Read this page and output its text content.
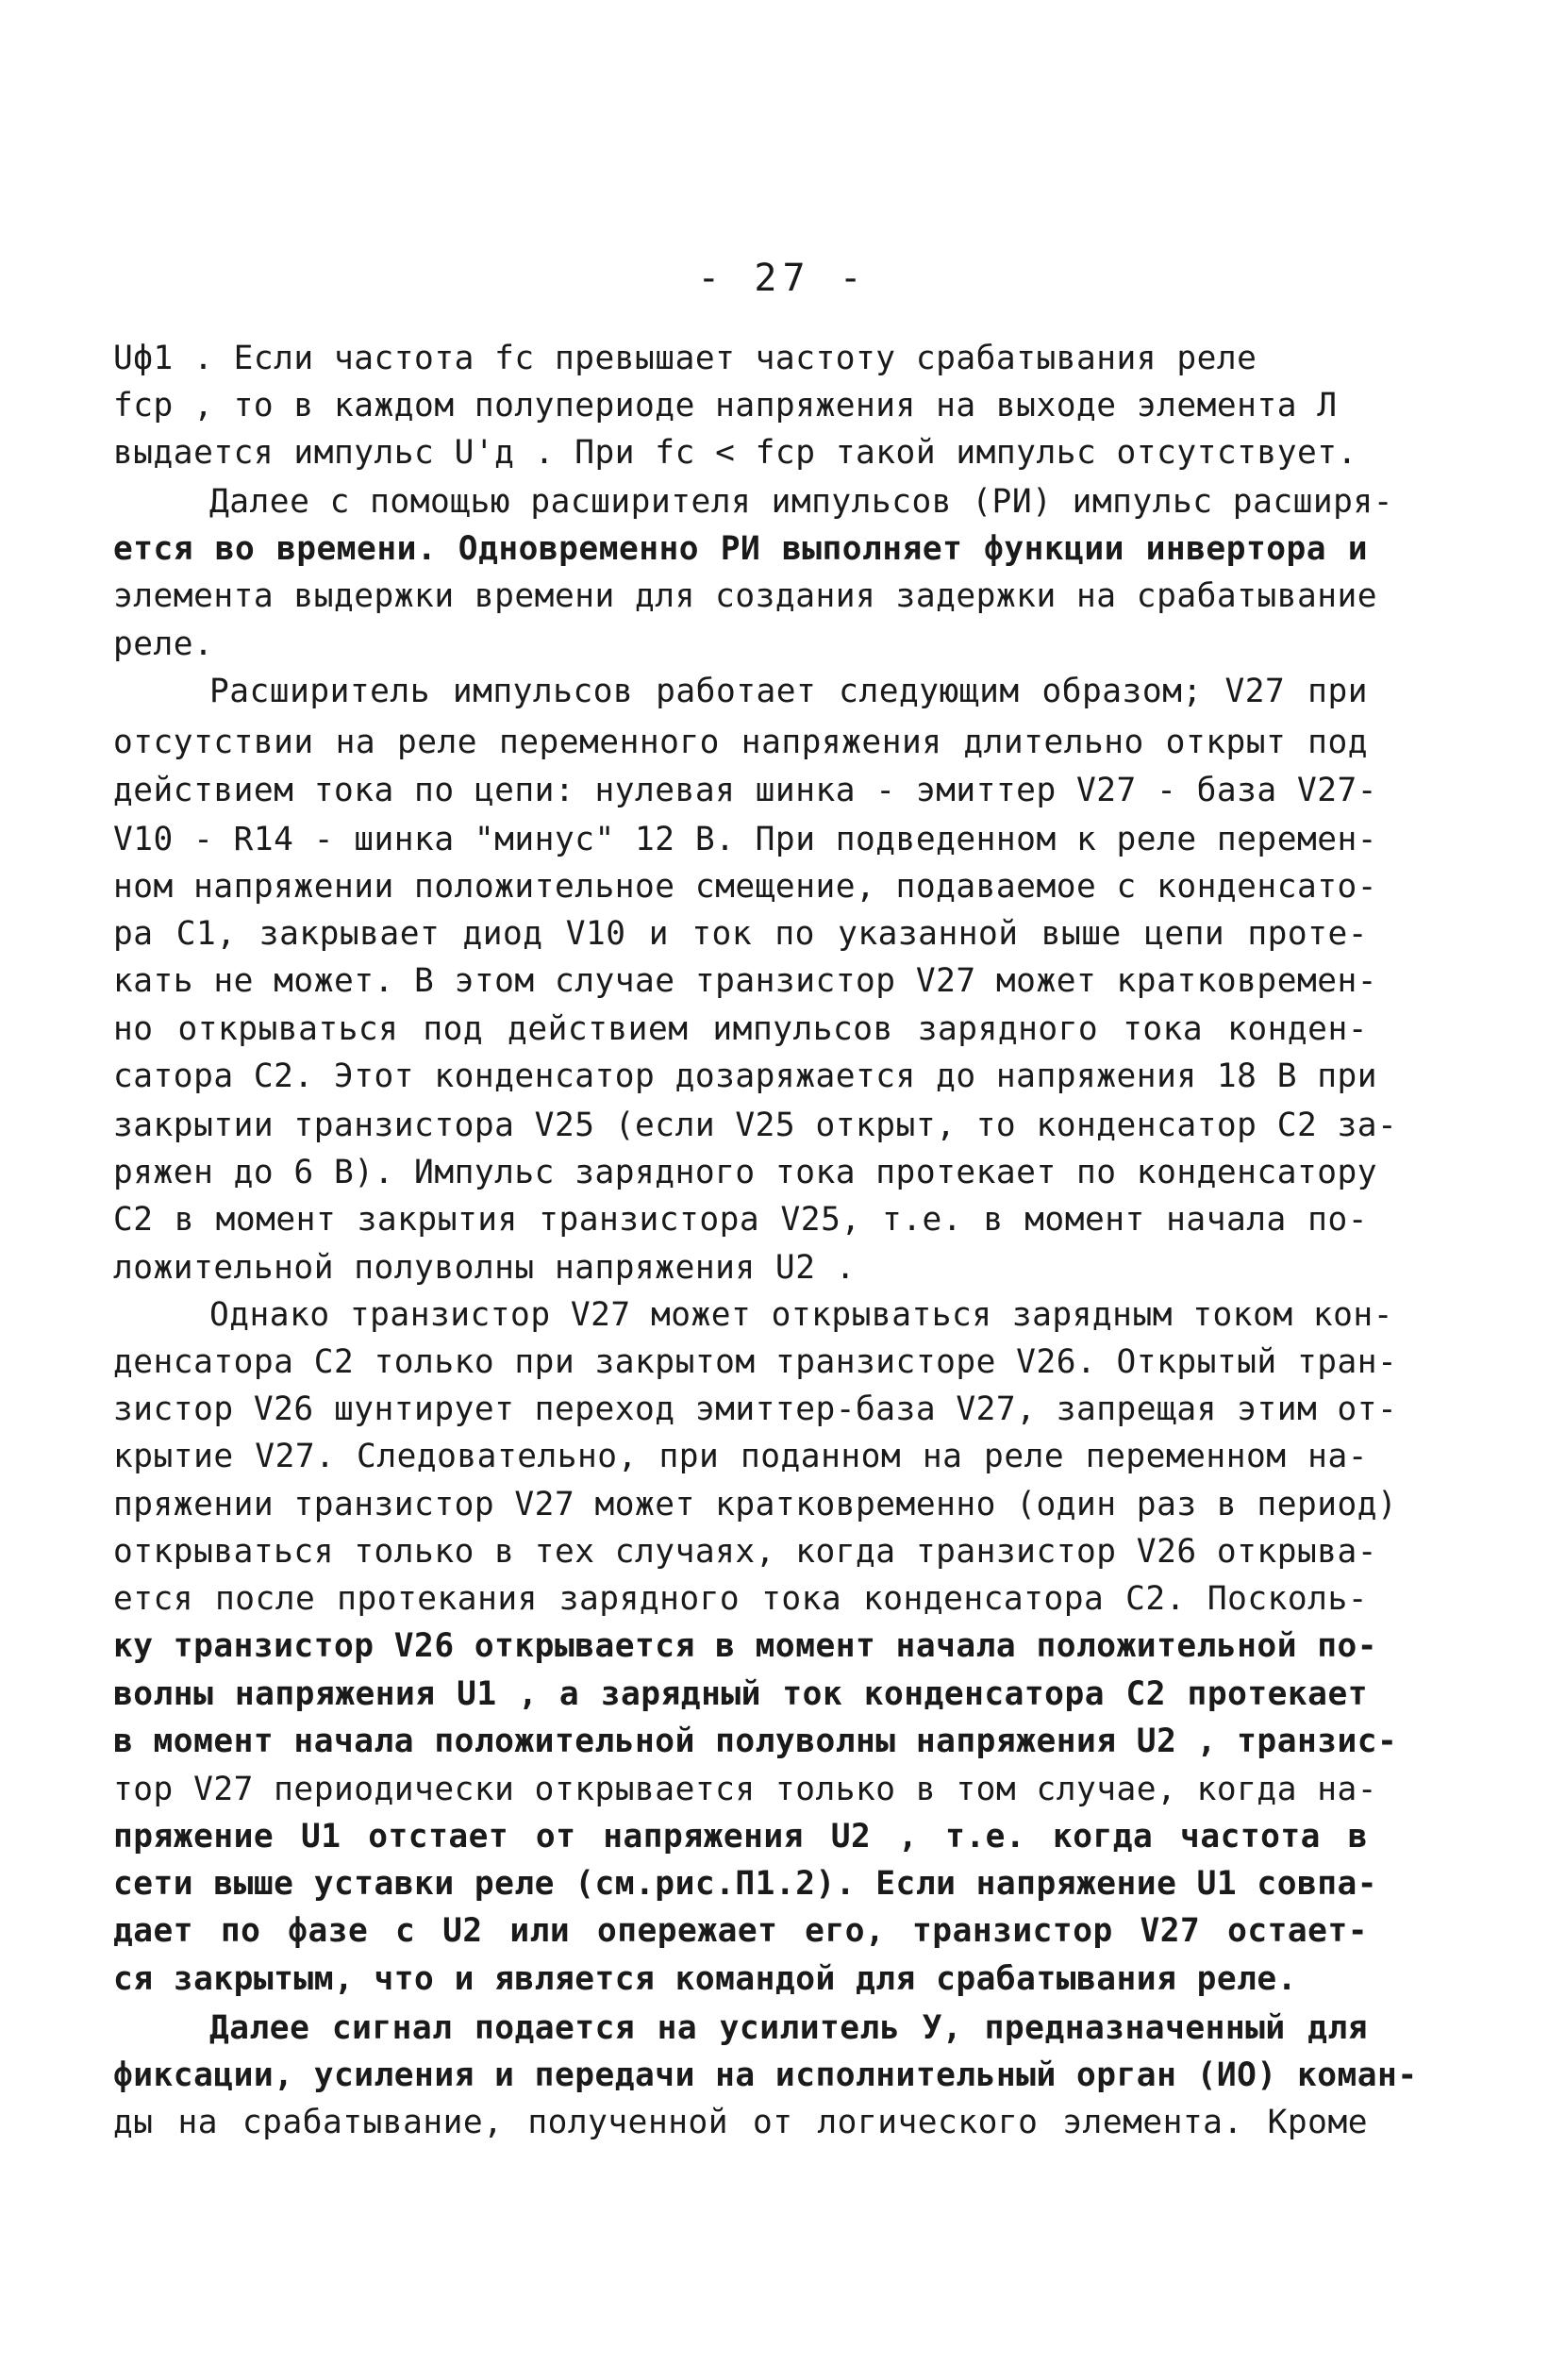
- 27 -
Uф1 . Если частота fc превышает частоту срабатывания реле
fср , то в каждом полупериоде напряжения на выходе элемента Л
выдается импульс U'д . При fc < fср такой импульс отсутствует.
Далее с помощью расширителя импульсов (РИ) импульс расширя-
ется во времени. Одновременно РИ выполняет функции инвертора и
элемента выдержки времени для создания задержки на срабатывание
реле.
Расширитель импульсов работает следующим образом; V27 при
отсутствии на реле переменного напряжения длительно открыт под
действием тока по цепи: нулевая шинка - эмиттер V27 - база V27-
V10 - R14 - шинка "минус" 12 В. При подведенном к реле перемен-
ном напряжении положительное смещение, подаваемое с конденсато-
ра C1, закрывает диод V10 и ток по указанной выше цепи проте-
кать не может. В этом случае транзистор V27 может кратковремен-
но открываться под действием импульсов зарядного тока конден-
сатора C2. Этот конденсатор дозаряжается до напряжения 18 В при
закрытии транзистора V25 (если V25 открыт, то конденсатор C2 за-
ряжен до 6 В). Импульс зарядного тока протекает по конденсатору
C2 в момент закрытия транзистора V25, т.е. в момент начала по-
ложительной полуволны напряжения U2 .
Однако транзистор V27 может открываться зарядным током кон-
денсатора C2 только при закрытом транзисторе V26. Открытый тран-
зистор V26 шунтирует переход эмиттер-база V27, запрещая этим от-
крытие V27. Следовательно, при поданном на реле переменном на-
пряжении транзистор V27 может кратковременно (один раз в период)
открываться только в тех случаях, когда транзистор V26 открыва-
ется после протекания зарядного тока конденсатора C2. Посколь-
ку транзистор V26 открывается в момент начала положительной по-
волны напряжения U1 , а зарядный ток конденсатора C2 протекает
в момент начала положительной полуволны напряжения U2 , транзис-
тор V27 периодически открывается только в том случае, когда на-
пряжение U1 отстает от напряжения U2 , т.е. когда частота в
сети выше уставки реле (см.рис.П1.2). Если напряжение U1 совпа-
дает по фазе с U2 или опережает его, транзистор V27 остает-
ся закрытым, что и является командой для срабатывания реле.
Далее сигнал подается на усилитель У, предназначенный для
фиксации, усиления и передачи на исполнительный орган (ИО) коман-
ды на срабатывание, полученной от логического элемента. Кроме
